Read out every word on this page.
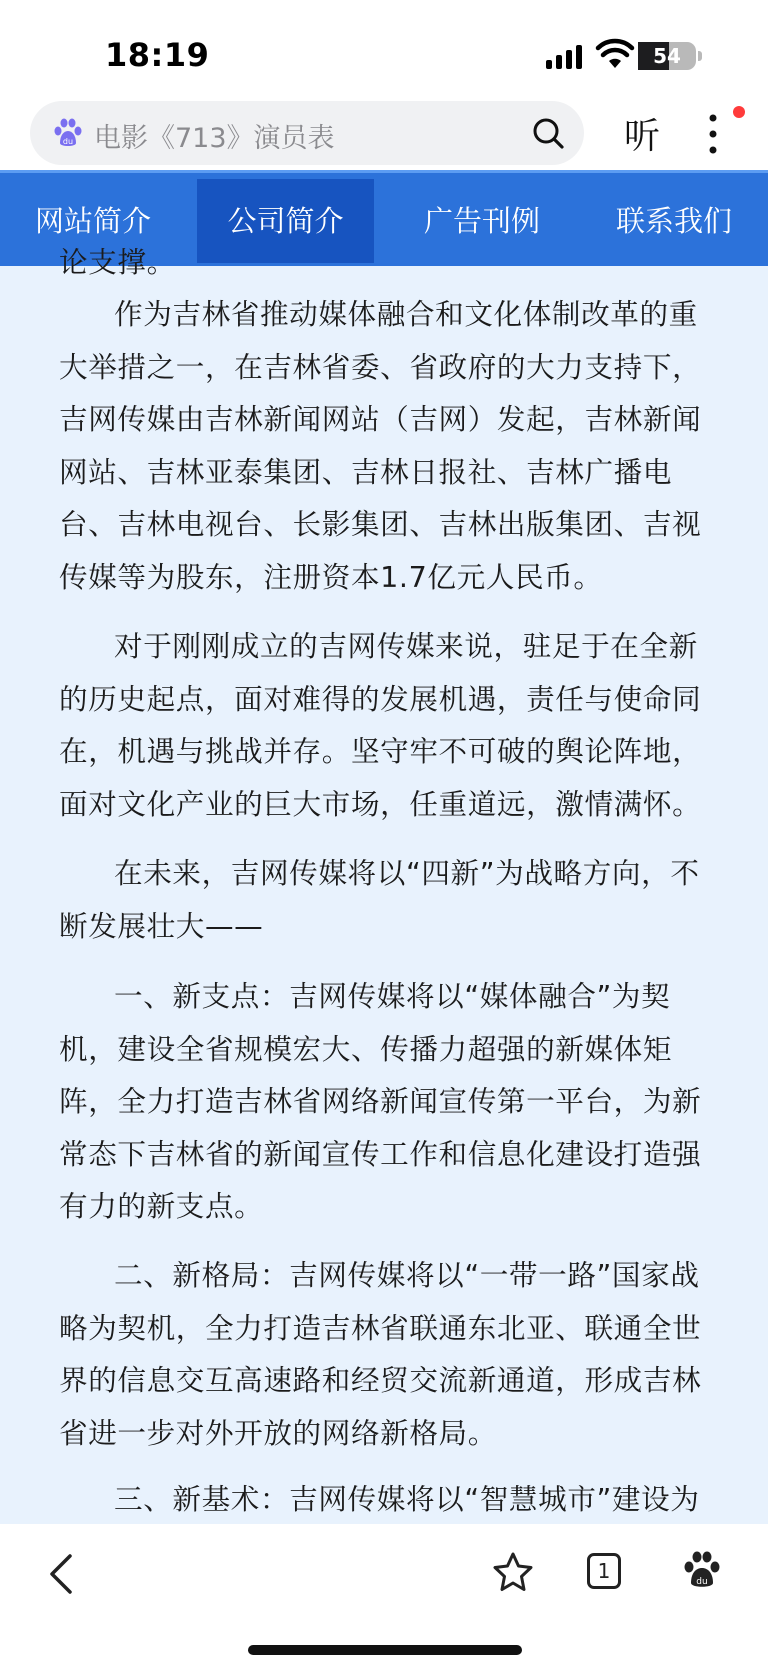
18:19	54
du 电影《713》演员表	听
网站简介	公司简介	广告刊例	联系我们
论支撑。
作为吉林省推动媒体融合和文化体制改革的重
大举措之一，在吉林省委、省政府的大力支持下，
吉网传媒由吉林新闻网站（吉网）发起，吉林新闻
网站、吉林亚泰集团、吉林日报社、吉林广播电
台、吉林电视台、长影集团、吉林出版集团、吉视
传媒等为股东，注册资本1.7亿元人民币。
对于刚刚成立的吉网传媒来说，驻足于在全新
的历史起点，面对难得的发展机遇，责任与使命同
在，机遇与挑战并存。坚守牢不可破的舆论阵地，
面对文化产业的巨大市场，任重道远，激情满怀。
在未来，吉网传媒将以“四新”为战略方向，不
断发展壮大——
一、新支点：吉网传媒将以“媒体融合”为契
机，建设全省规模宏大、传播力超强的新媒体矩
阵，全力打造吉林省网络新闻宣传第一平台，为新
常态下吉林省的新闻宣传工作和信息化建设打造强
有力的新支点。
二、新格局：吉网传媒将以“一带一路”国家战
略为契机，全力打造吉林省联通东北亚、联通全世
界的信息交互高速路和经贸交流新通道，形成吉林
省进一步对外开放的网络新格局。
三、新基术：吉网传媒将以“智慧城市”建设为
1	du
